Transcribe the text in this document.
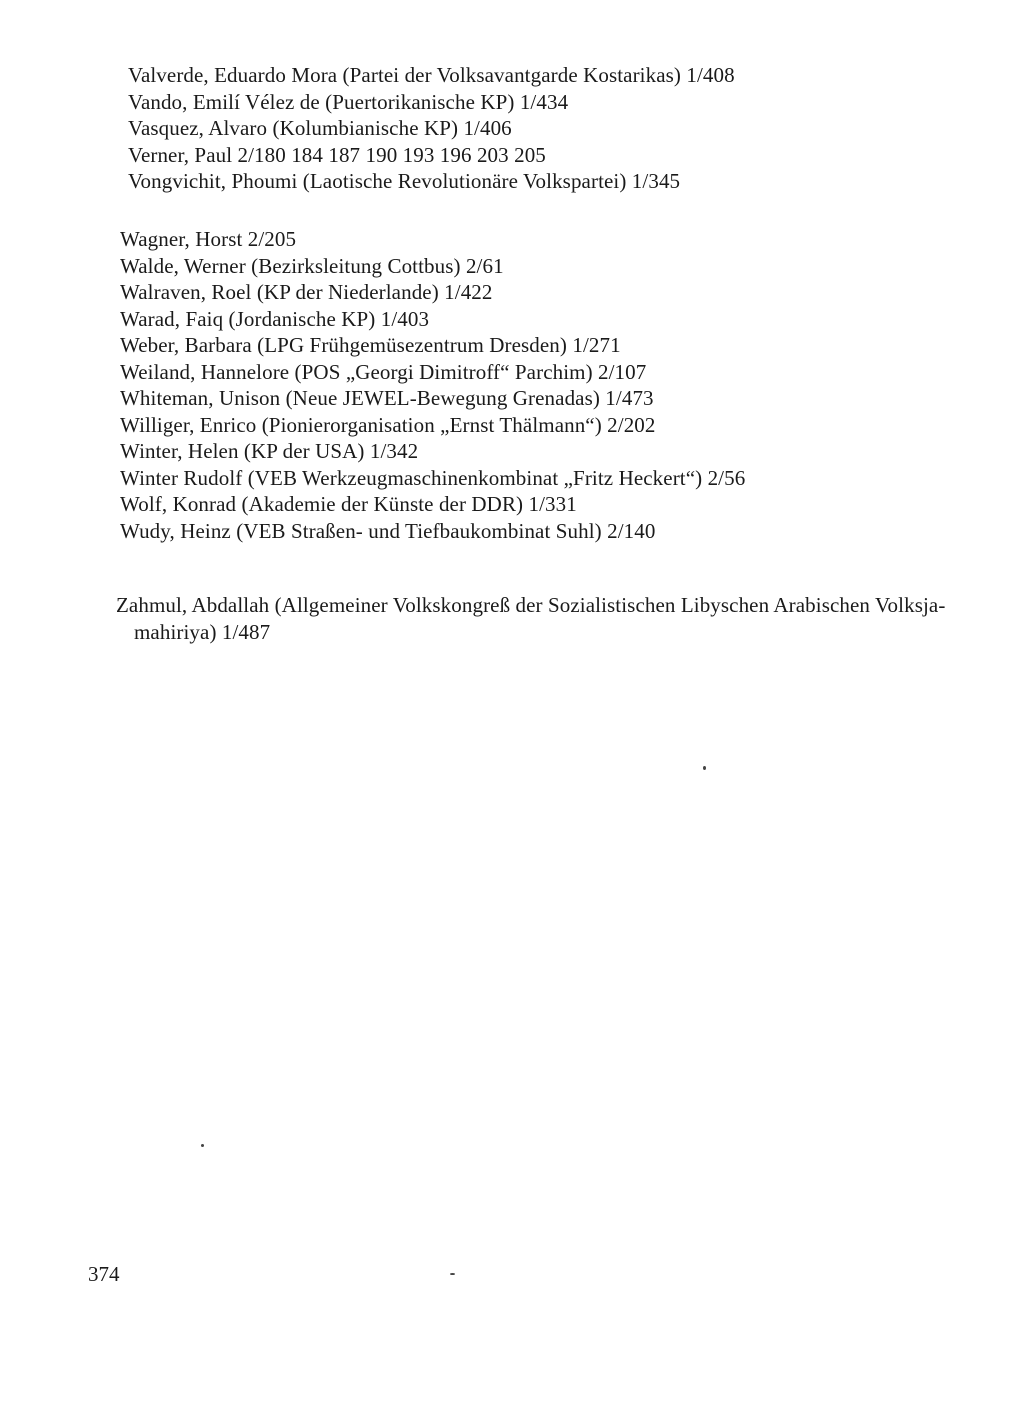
Valverde, Eduardo Mora (Partei der Volksavantgarde Kostarikas) 1/408
Vando, Emilí Vélez de (Puertorikanische KP) 1/434
Vasquez, Alvaro (Kolumbianische KP) 1/406
Verner, Paul 2/180 184 187 190 193 196 203 205
Vongvichit, Phoumi (Laotische Revolutionäre Volkspartei) 1/345
Wagner, Horst 2/205
Walde, Werner (Bezirksleitung Cottbus) 2/61
Walraven, Roel (KP der Niederlande) 1/422
Warad, Faiq (Jordanische KP) 1/403
Weber, Barbara (LPG Frühgemüsezentrum Dresden) 1/271
Weiland, Hannelore (POS „Georgi Dimitroff“ Parchim) 2/107
Whiteman, Unison (Neue JEWEL-Bewegung Grenadas) 1/473
Williger, Enrico (Pionierorganisation „Ernst Thälmann“) 2/202
Winter, Helen (KP der USA) 1/342
Winter Rudolf (VEB Werkzeugmaschinenkombinat „Fritz Heckert“) 2/56
Wolf, Konrad (Akademie der Künste der DDR) 1/331
Wudy, Heinz (VEB Straßen- und Tiefbaukombinat Suhl) 2/140
Zahmul, Abdallah (Allgemeiner Volkskongreß der Sozialistischen Libyschen Arabischen Volksja-
mahiriya) 1/487
374
